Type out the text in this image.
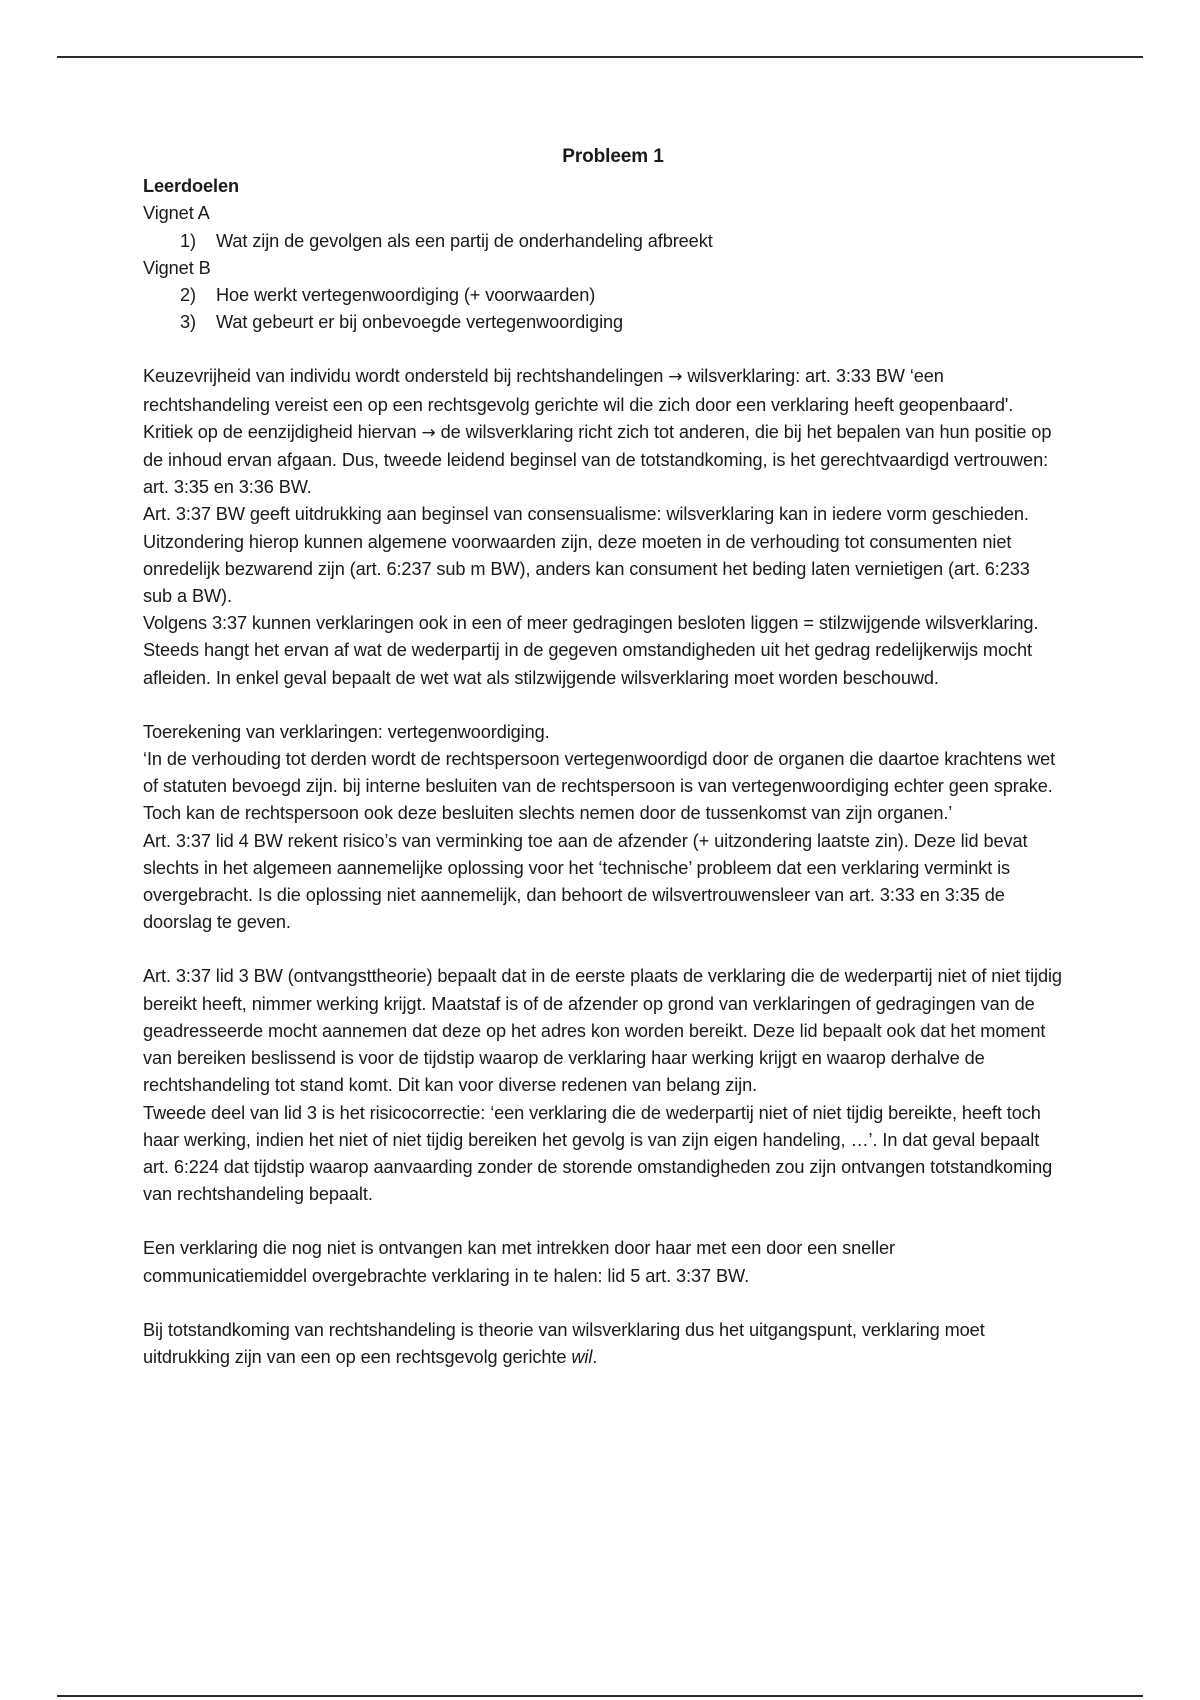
Probleem 1
Leerdoelen

Vignet A

1)	Wat zijn de gevolgen als een partij de onderhandeling afbreekt

Vignet B

2)	Hoe werkt vertegenwoordiging (+ voorwaarden)
3)	Wat gebeurt er bij onbevoegde vertegenwoordiging

Keuzevrijheid van individu wordt ondersteld bij rechtshandelingen → wilsverklaring: art. 3:33 BW ‘een rechtshandeling vereist een op een rechtsgevolg gerichte wil die zich door een verklaring heeft geopenbaard'.

Kritiek op de eenzijdigheid hiervan → de wilsverklaring richt zich tot anderen, die bij het bepalen van hun positie op de inhoud ervan afgaan. Dus, tweede leidend beginsel van de totstandkoming, is het gerechtvaardigd vertrouwen: art. 3:35 en 3:36 BW.

Art. 3:37 BW geeft uitdrukking aan beginsel van consensualisme: wilsverklaring kan in iedere vorm geschieden. Uitzondering hierop kunnen algemene voorwaarden zijn, deze moeten in de verhouding tot consumenten niet onredelijk bezwarend zijn (art. 6:237 sub m BW), anders kan consument het beding laten vernietigen (art. 6:233 sub a BW).

Volgens 3:37 kunnen verklaringen ook in een of meer gedragingen besloten liggen = stilzwijgende wilsverklaring. Steeds hangt het ervan af wat de wederpartij in de gegeven omstandigheden uit het gedrag redelijkerwijs mocht afleiden. In enkel geval bepaalt de wet wat als stilzwijgende wilsverklaring moet worden beschouwd.

Toerekening van verklaringen: vertegenwoordiging.

‘In de verhouding tot derden wordt de rechtspersoon vertegenwoordigd door de organen die daartoe krachtens wet of statuten bevoegd zijn. bij interne besluiten van de rechtspersoon is van vertegenwoordiging echter geen sprake. Toch kan de rechtspersoon ook deze besluiten slechts nemen door de tussenkomst van zijn organen.’

Art. 3:37 lid 4 BW rekent risico’s van verminking toe aan de afzender (+ uitzondering laatste zin). Deze lid bevat slechts in het algemeen aannemelijke oplossing voor het ‘technische’ probleem dat een verklaring verminkt is overgebracht. Is die oplossing niet aannemelijk, dan behoort de wilsvertrouwensleer van art. 3:33 en 3:35 de doorslag te geven.

Art. 3:37 lid 3 BW (ontvangsttheorie) bepaalt dat in de eerste plaats de verklaring die de wederpartij niet of niet tijdig bereikt heeft, nimmer werking krijgt. Maatstaf is of de afzender op grond van verklaringen of gedragingen van de geadresseerde mocht aannemen dat deze op het adres kon worden bereikt. Deze lid bepaalt ook dat het moment van bereiken beslissend is voor de tijdstip waarop de verklaring haar werking krijgt en waarop derhalve de rechtshandeling tot stand komt. Dit kan voor diverse redenen van belang zijn.

Tweede deel van lid 3 is het risicocorrectie: ‘een verklaring die de wederpartij niet of niet tijdig bereikte, heeft toch haar werking, indien het niet of niet tijdig bereiken het gevolg is van zijn eigen handeling, …’. In dat geval bepaalt art. 6:224 dat tijdstip waarop aanvaarding zonder de storende omstandigheden zou zijn ontvangen totstandkoming van rechtshandeling bepaalt.

Een verklaring die nog niet is ontvangen kan met intrekken door haar met een door een sneller communicatiemiddel overgebrachte verklaring in te halen: lid 5 art. 3:37 BW.

Bij totstandkoming van rechtshandeling is theorie van wilsverklaring dus het uitgangspunt, verklaring moet uitdrukking zijn van een op een rechtsgevolg gerichte wil.
